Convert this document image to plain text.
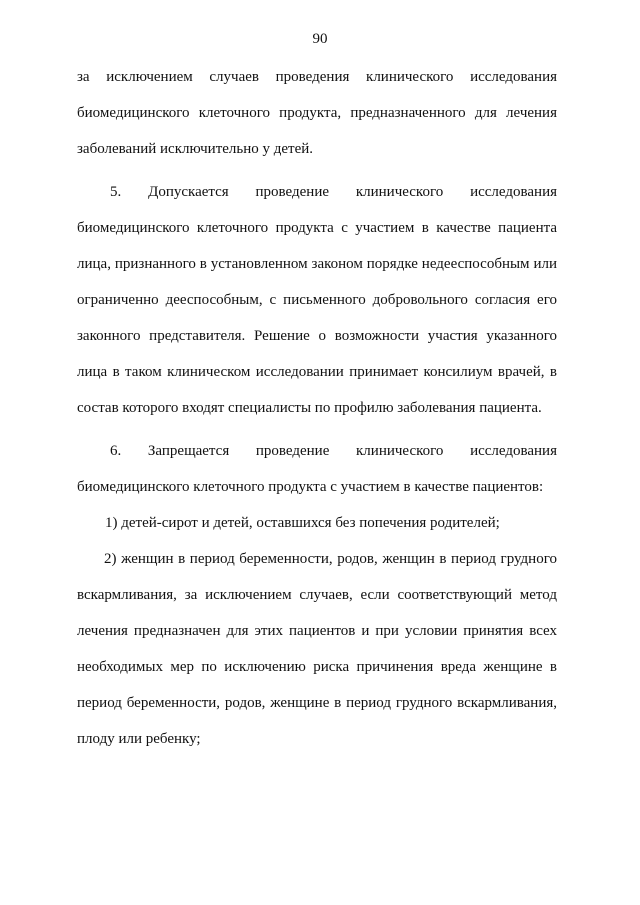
90
за исключением случаев проведения клинического исследования
биомедицинского клеточного продукта, предназначенного для лечения
заболеваний исключительно у детей.
5. Допускается проведение клинического исследования
биомедицинского клеточного продукта с участием в качестве пациента
лица, признанного в установленном законом порядке недееспособным или
ограниченно дееспособным, с письменного добровольного согласия его
законного представителя. Решение о возможности участия указанного
лица в таком клиническом исследовании принимает консилиум врачей, в
состав которого входят специалисты по профилю заболевания пациента.
6. Запрещается проведение клинического исследования
биомедицинского клеточного продукта с участием в качестве пациентов:
1) детей-сирот и детей, оставшихся без попечения родителей;
2) женщин в период беременности, родов, женщин в период грудного
вскармливания, за исключением случаев, если соответствующий метод
лечения предназначен для этих пациентов и при условии принятия всех
необходимых мер по исключению риска причинения вреда женщине в
период беременности, родов, женщине в период грудного вскармливания,
плоду или ребенку;
